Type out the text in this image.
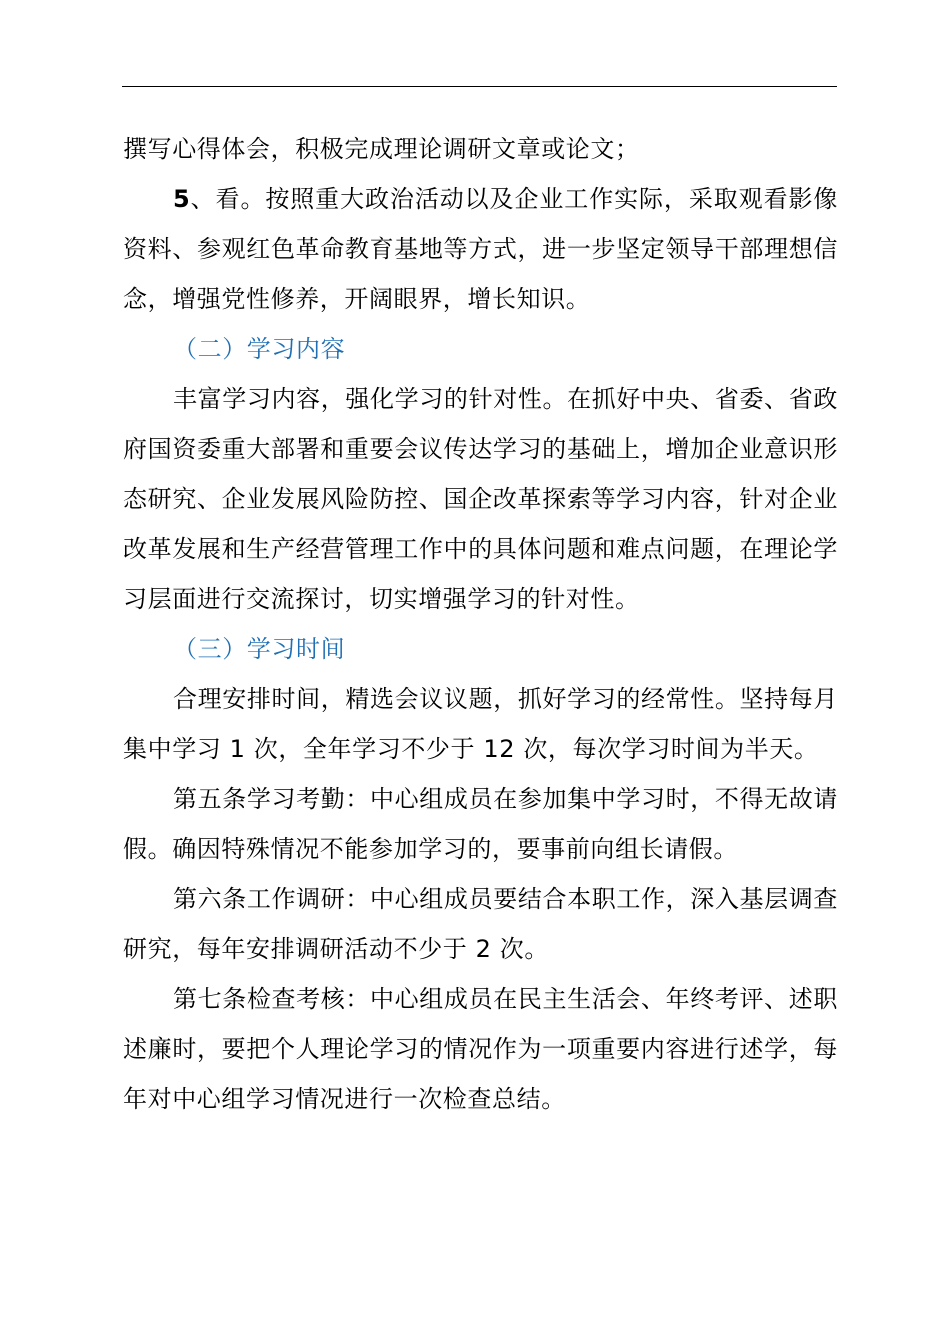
撰写心得体会，积极完成理论调研文章或论文；

5、看。按照重大政治活动以及企业工作实际，采取观看影像资料、参观红色革命教育基地等方式，进一步坚定领导干部理想信念，增强党性修养，开阔眼界，增长知识。

（二）学习内容

丰富学习内容，强化学习的针对性。在抓好中央、省委、省政府国资委重大部署和重要会议传达学习的基础上，增加企业意识形态研究、企业发展风险防控、国企改革探索等学习内容，针对企业改革发展和生产经营管理工作中的具体问题和难点问题，在理论学习层面进行交流探讨，切实增强学习的针对性。

（三）学习时间

合理安排时间，精选会议议题，抓好学习的经常性。坚持每月集中学习 1 次，全年学习不少于 12 次，每次学习时间为半天。

第五条学习考勤：中心组成员在参加集中学习时，不得无故请假。确因特殊情况不能参加学习的，要事前向组长请假。

第六条工作调研：中心组成员要结合本职工作，深入基层调查研究，每年安排调研活动不少于 2 次。

第七条检查考核：中心组成员在民主生活会、年终考评、述职述廉时，要把个人理论学习的情况作为一项重要内容进行述学，每年对中心组学习情况进行一次检查总结。
